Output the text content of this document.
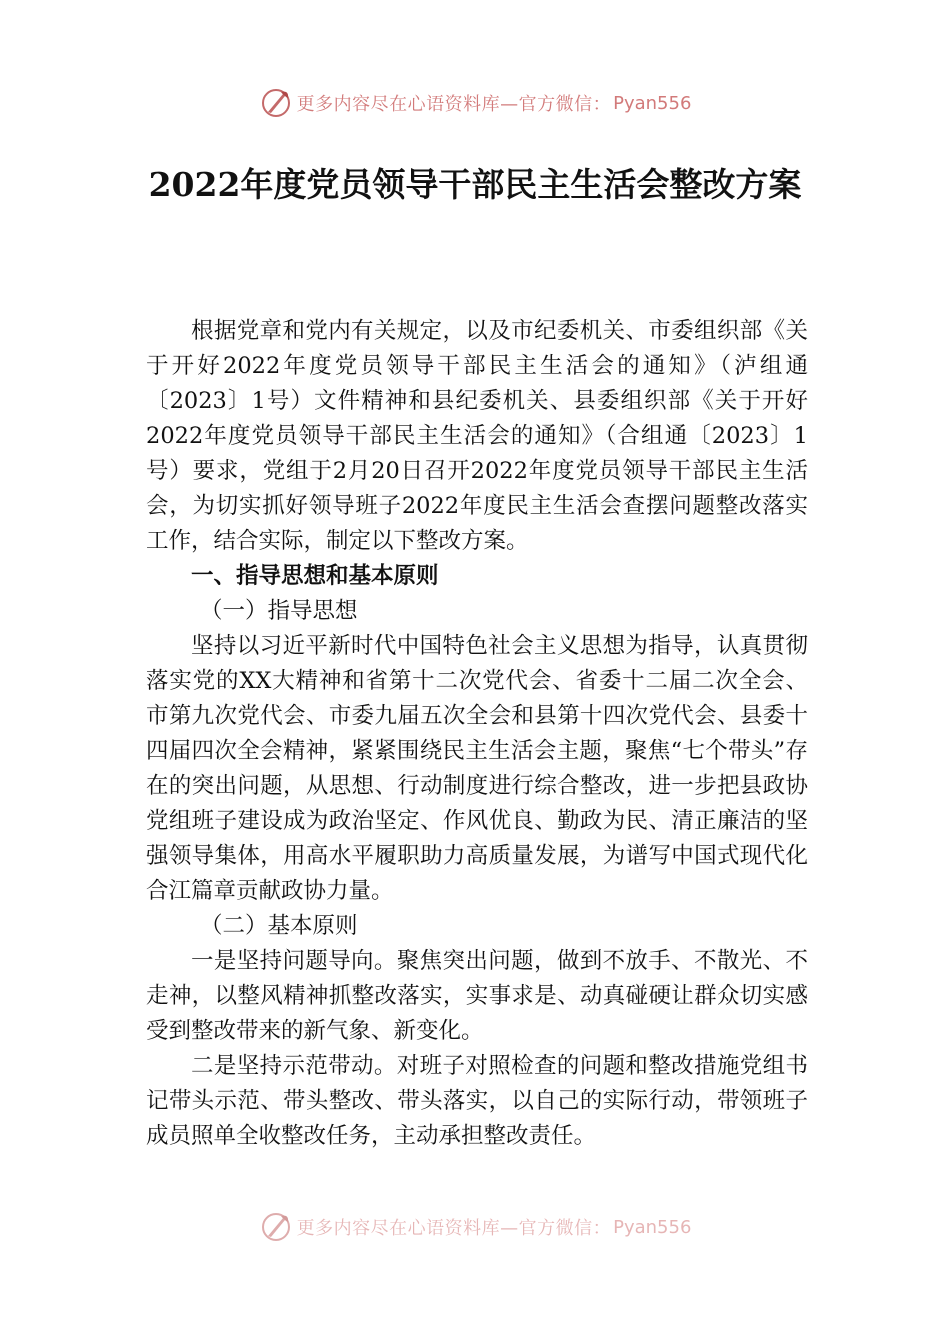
更多内容尽在心语资料库—官方微信： Pyan556
2022年度党员领导干部民主生活会整改方案

根据党章和党内有关规定，以及市纪委机关、市委组织部《关于开好2022年度党员领导干部民主生活会的通知》（泸组通〔2023〕1号）文件精神和县纪委机关、县委组织部《关于开好2022年度党员领导干部民主生活会的通知》（合组通〔2023〕1号）要求，党组于2月20日召开2022年度党员领导干部民主生活会，为切实抓好领导班子2022年度民主生活会查摆问题整改落实工作，结合实际，制定以下整改方案。

一、指导思想和基本原则

（一）指导思想

坚持以习近平新时代中国特色社会主义思想为指导，认真贯彻落实党的XX大精神和省第十二次党代会、省委十二届二次全会、市第九次党代会、市委九届五次全会和县第十四次党代会、县委十四届四次全会精神，紧紧围绕民主生活会主题，聚焦“七个带头”存在的突出问题，从思想、行动制度进行综合整改，进一步把县政协党组班子建设成为政治坚定、作风优良、勤政为民、清正廉洁的坚强领导集体，用高水平履职助力高质量发展，为谱写中国式现代化合江篇章贡献政协力量。

（二）基本原则

一是坚持问题导向。聚焦突出问题，做到不放手、不散光、不走神，以整风精神抓整改落实，实事求是、动真碰硬让群众切实感受到整改带来的新气象、新变化。

二是坚持示范带动。对班子对照检查的问题和整改措施党组书记带头示范、带头整改、带头落实，以自己的实际行动，带领班子成员照单全收整改任务，主动承担整改责任。

更多内容尽在心语资料库—官方微信： Pyan556
